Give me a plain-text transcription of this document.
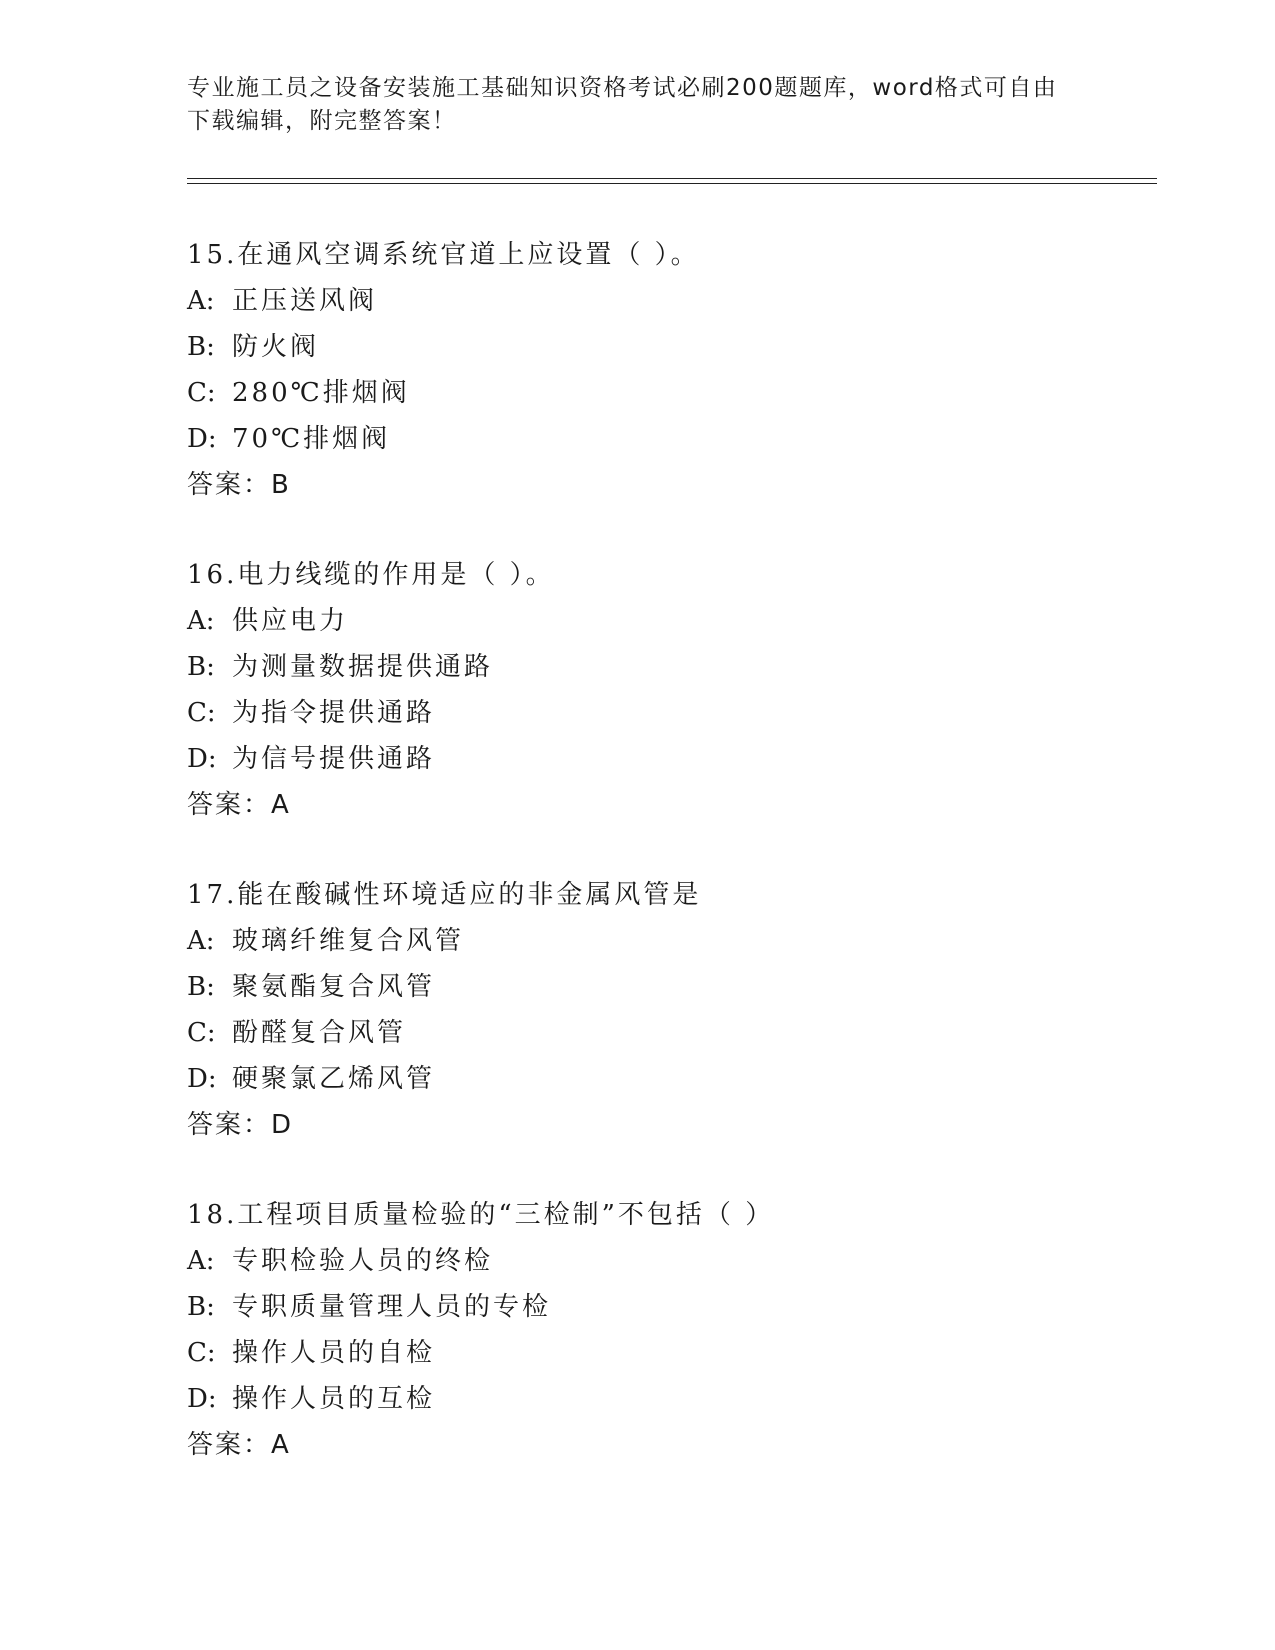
专业施工员之设备安装施工基础知识资格考试必刷200题题库，word格式可自由
下载编辑，附完整答案！
15.在通风空调系统官道上应设置（ ）。
A: 正压送风阀
B: 防火阀
C: 280℃排烟阀
D: 70℃排烟阀
答案：B
16.电力线缆的作用是（ ）。
A: 供应电力
B: 为测量数据提供通路
C: 为指令提供通路
D: 为信号提供通路
答案：A
17.能在酸碱性环境适应的非金属风管是
A: 玻璃纤维复合风管
B: 聚氨酯复合风管
C: 酚醛复合风管
D: 硬聚氯乙烯风管
答案：D
18.工程项目质量检验的“三检制”不包括（ ）
A: 专职检验人员的终检
B: 专职质量管理人员的专检
C: 操作人员的自检
D: 操作人员的互检
答案：A
